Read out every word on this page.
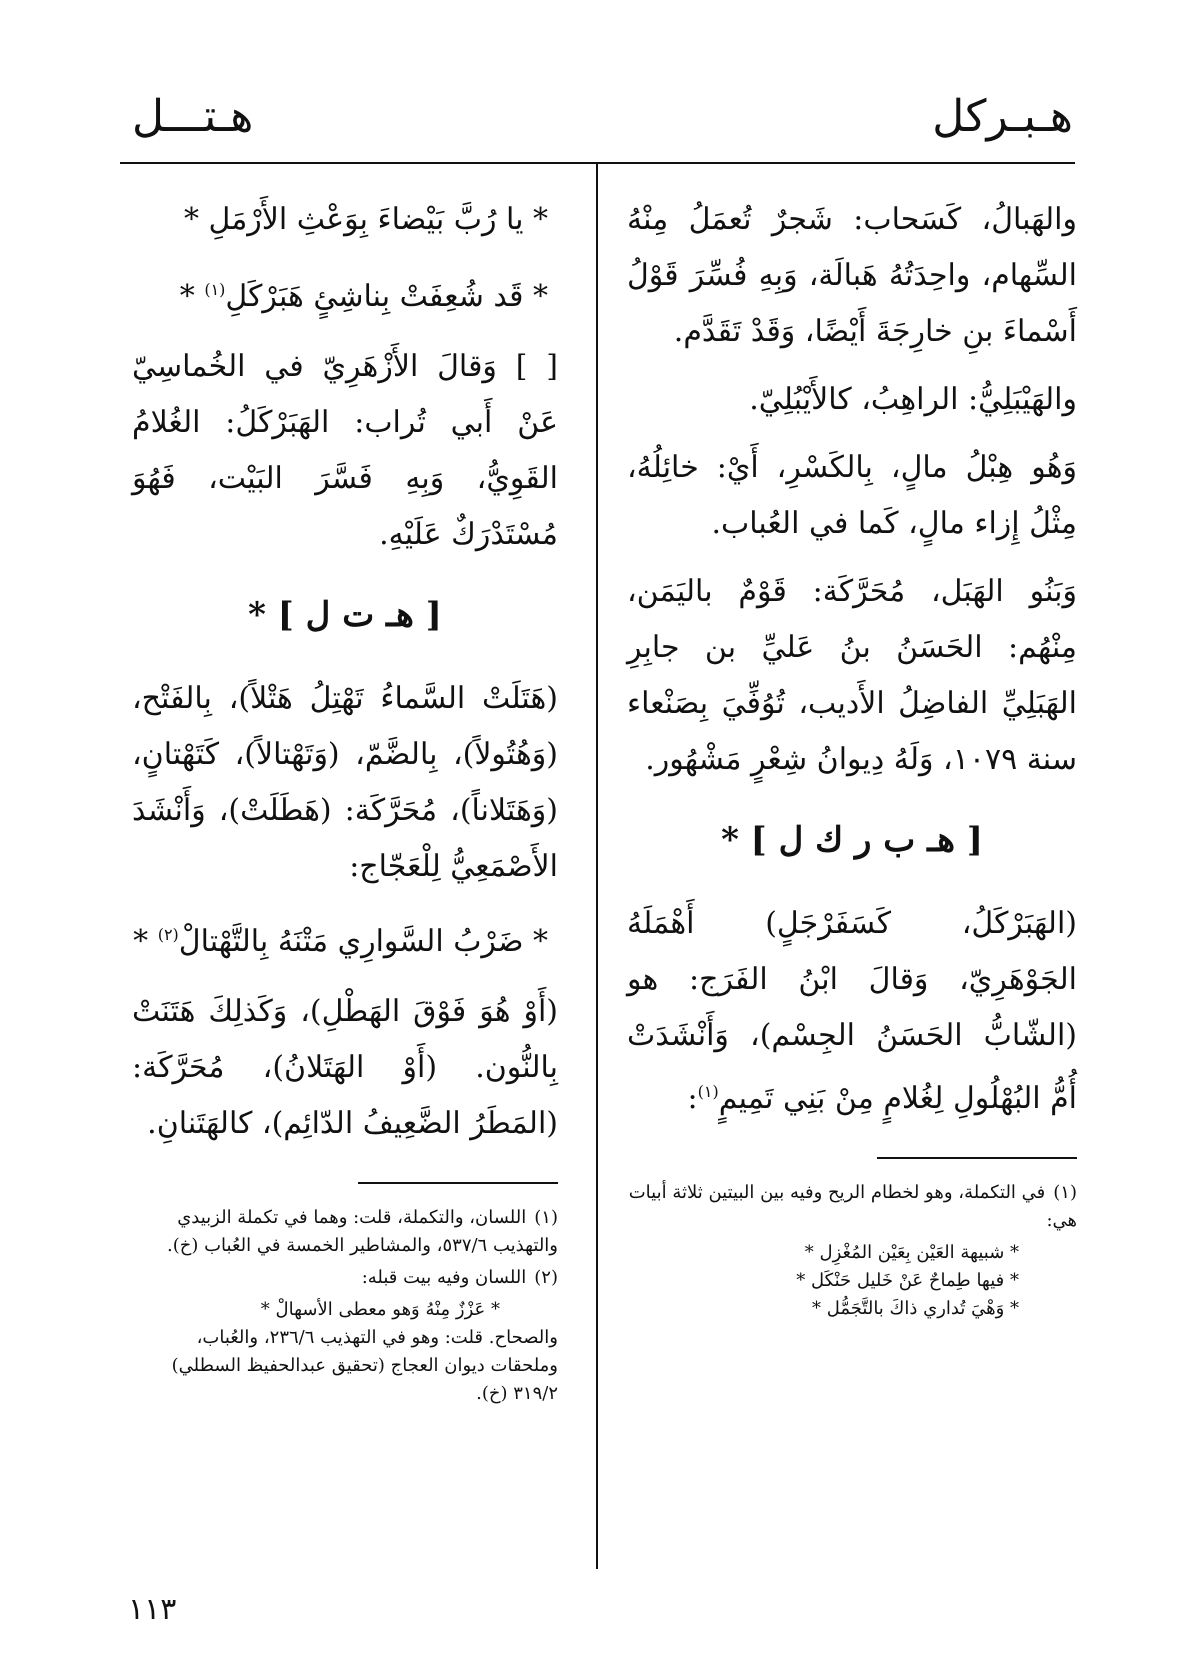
هـبـرك‍ل
هـتـــل

والهَبالُ، كَسَحاب: شَجرٌ تُعمَلُ مِنْهُ السِّهام، واحِدَتُهُ هَبالَة، وَبِهِ فُسِّرَ قَوْلُ أَسْماءَ بنِ خارِجَةَ أَيْضًا، وَقَدْ تَقَدَّم.

والهَيْبَلِيُّ: الراهِبُ، كالأَيْبُلِيّ.

وَهُو هِبْلُ مالٍ، بِالكَسْرِ، أَيْ: خائِلُهُ، مِثْلُ إِزاء مالٍ، كَما في العُباب.

وَبَنُو الهَبَل، مُحَرَّكَة: قَوْمٌ باليَمَن، مِنْهُم: الحَسَنُ بنُ عَليِّ بن جابِرِ الهَبَلِيِّ الفاضِلُ الأَديب، تُوُفِّيَ بِصَنْعاء سنة ١٠٧٩، وَلَهُ دِيوانُ شِعْرٍ مَشْهُور.

[ هـ ب ر ك ل ] *

(الهَبَرْكَلُ، كَسَفَرْجَلٍ) أَهْمَلَهُ الجَوْهَرِيّ، وَقالَ ابْنُ الفَرَج: هو (الشّابُّ الحَسَنُ الجِسْم)، وَأَنْشَدَتْ أُمُّ البُهْلُولِ لِغُلامٍ مِنْ بَنِي تَمِيمٍ$^{(١)}$:

(١)في التكملة، وهو لخطام الريح وفيه بين البيتين ثلاثة أبيات هي:

* شبيهة العَيْن بِعَيْن المُغْزِل *
* فيها طِماحٌ عَنْ خَليل حَنْكَل *
* وَهْيَ تُداري ذاكَ بالتَّجَمُّل *
* يا رُبَّ بَيْضاءَ بِوَعْثِ الأَرْمَلِ *
* قَد شُعِفَتْ بِناشِئٍ هَبَرْكَلِ$^{(١)}$ *

[ ] وَقالَ الأَزْهَرِيّ في الخُماسِيّ عَنْ أَبي تُراب: الهَبَرْكَلُ: الغُلامُ القَوِيُّ، وَبِهِ فَسَّرَ البَيْت، فَهُوَ مُسْتَدْرَكٌ عَلَيْهِ.

[ هـ ت ل ] *

(هَتَلَتْ السَّماءُ تَهْتِلُ هَتْلاً)، بِالفَتْح، (وَهُتُولاً)، بِالضَّمّ، (وَتَهْتالاً)، كَتَهْتانٍ، (وَهَتَلاناً)، مُحَرَّكَة: (هَطَلَتْ)، وَأَنْشَدَ الأَصْمَعِيُّ لِلْعَجّاج:

* ضَرْبُ السَّوارِي مَتْنَهُ بِالتَّهْتالْ$^{(٢)}$ *

(أَوْ هُوَ فَوْقَ الهَطْلِ)، وَكَذلِكَ هَتَنَتْ بِالنُّون. (أَوْ الهَتَلانُ)، مُحَرَّكَة: (المَطَرُ الضَّعِيفُ الدّائِم)، كالهَتَنانِ.

(١)اللسان، والتكملة، قلت: وهما في تكملة الزبيدي والتهذيب ٥٣٧/٦، والمشاطير الخمسة في العُباب (خ).

(٢)اللسان وفيه بيت قبله:

* عَزْزٌ مِنْهُ وَهو معطى الأسهالْ *

والصحاح. قلت: وهو في التهذيب ٢٣٦/٦، والعُباب، وملحقات ديوان العجاج (تحقيق عبدالحفيظ السطلي) ٣١٩/٢ (خ).

١١٣
